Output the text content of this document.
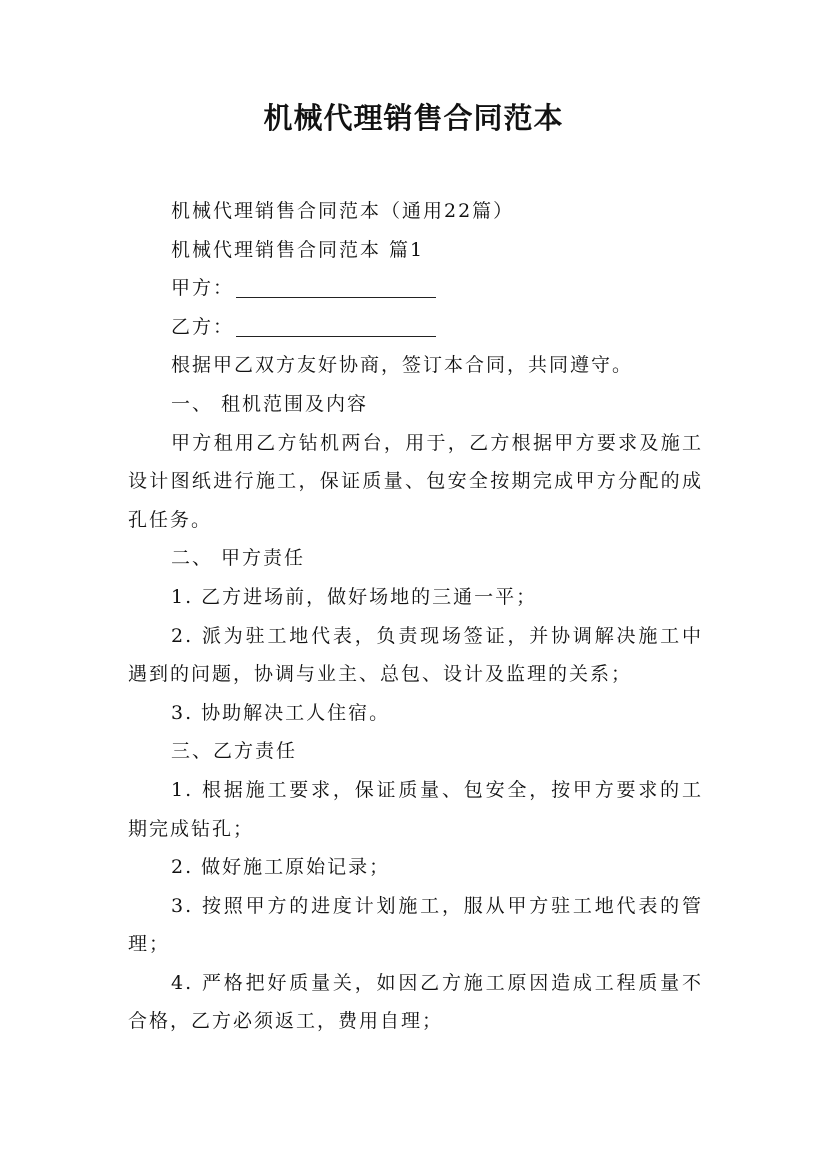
机械代理销售合同范本

机械代理销售合同范本（通用22篇）

机械代理销售合同范本 篇1

甲方：

乙方：

根据甲乙双方友好协商，签订本合同，共同遵守。

一、 租机范围及内容

甲方租用乙方钻机两台，用于，乙方根据甲方要求及施工设计图纸进行施工，保证质量、包安全按期完成甲方分配的成孔任务。

二、 甲方责任

1. 乙方进场前，做好场地的三通一平；

2. 派为驻工地代表，负责现场签证，并协调解决施工中遇到的问题，协调与业主、总包、设计及监理的关系；

3. 协助解决工人住宿。

三、乙方责任

1. 根据施工要求，保证质量、包安全，按甲方要求的工期完成钻孔；

2. 做好施工原始记录；

3. 按照甲方的进度计划施工，服从甲方驻工地代表的管理；

4. 严格把好质量关，如因乙方施工原因造成工程质量不合格，乙方必须返工，费用自理；
